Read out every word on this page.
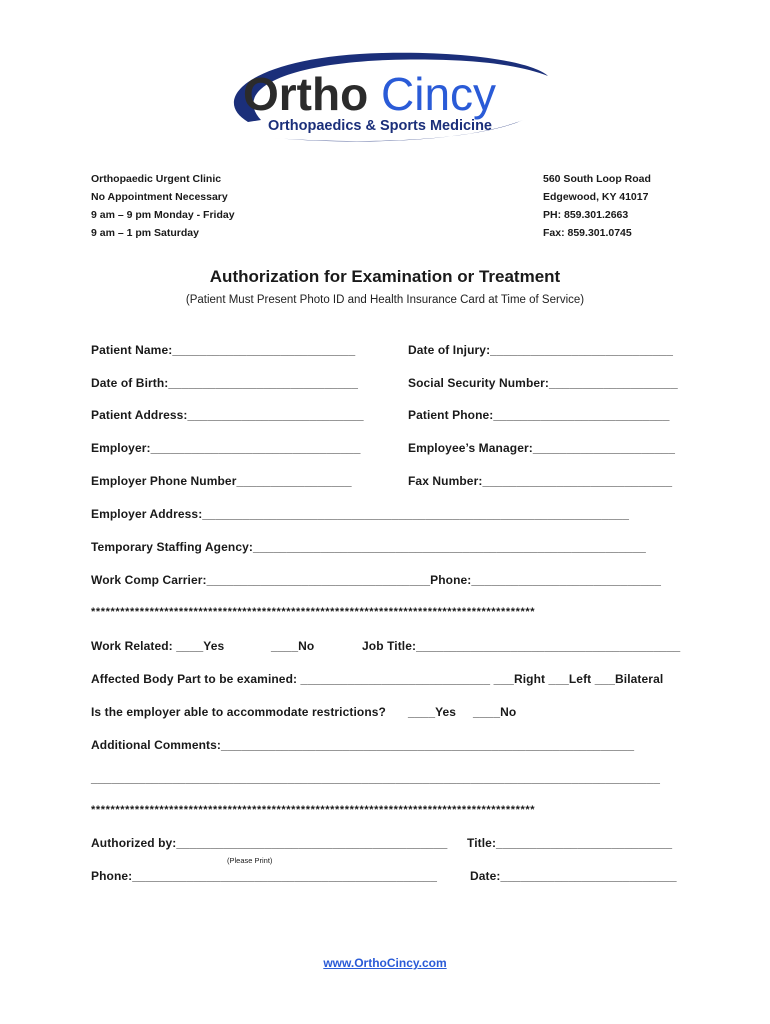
Ortho Cincy
Orthopaedics & Sports Medicine
Orthopaedic Urgent Clinic
No Appointment Necessary
9 am – 9 pm Monday - Friday
9 am – 1 pm Saturday
560 South Loop Road
Edgewood, KY 41017
PH: 859.301.2663
Fax: 859.301.0745
Authorization for Examination or Treatment
(Patient Must Present Photo ID and Health Insurance Card at Time of Service)
Patient Name:___________________________	Date of Injury:___________________________
Date of Birth:____________________________	Social Security Number:___________________
Patient Address:__________________________	Patient Phone:__________________________
Employer:_______________________________	Employee’s Manager:_____________________
Employer Phone Number_________________	Fax Number:____________________________
Employer Address:_______________________________________________________________
Temporary Staffing Agency:__________________________________________________________
Work Comp Carrier:_________________________________Phone:____________________________
*******************************************************************************************
Work Related: ____Yes	____No	Job Title:_______________________________________
Affected Body Part to be examined: ____________________________ ___Right ___Left ___Bilateral
Is the employer able to accommodate restrictions? ____Yes ____No
Additional Comments:_____________________________________________________________
____________________________________________________________________________________
*******************************************************************************************
Authorized by:________________________________________ Title:__________________________
(Please Print)
Phone:_____________________________________________	Date:__________________________
www.OrthoCincy.com
